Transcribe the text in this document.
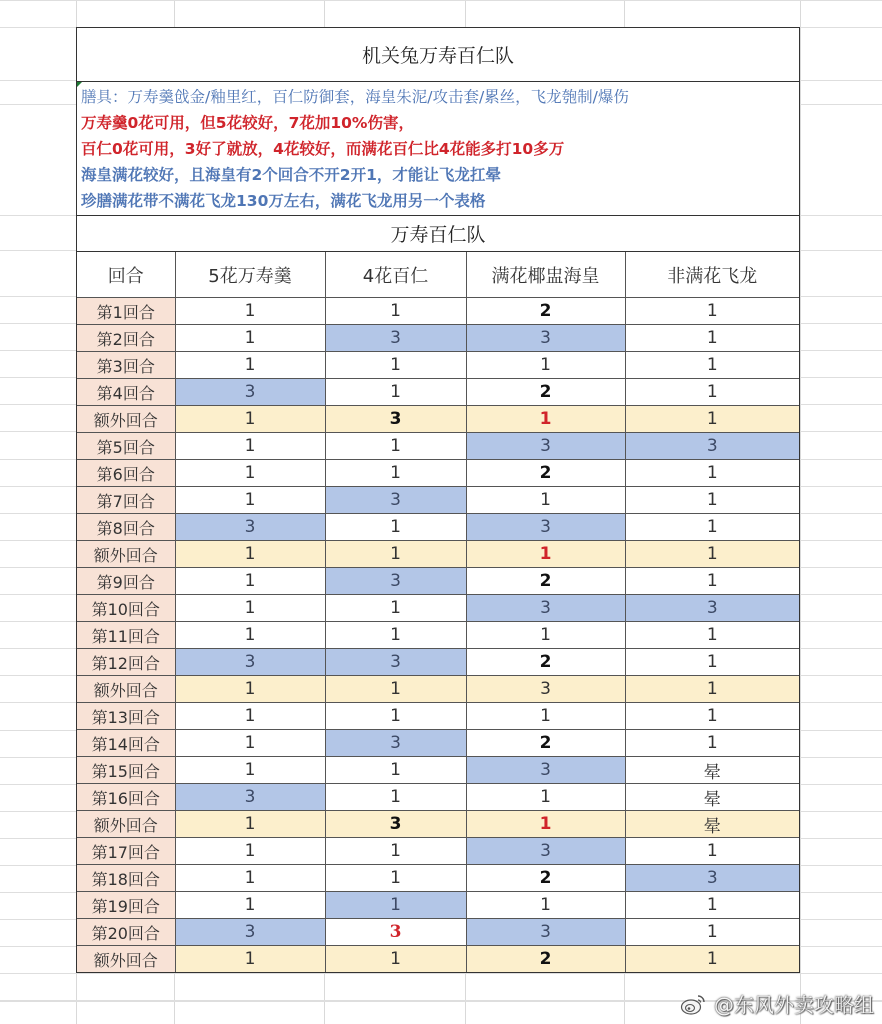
机关兔万寿百仁队
膳具：万寿羹戗金/釉里红，百仁防御套，海皇朱泥/攻击套/累丝，飞龙匏制/爆伤
万寿羹0花可用，但5花较好，7花加10%伤害，
百仁0花可用，3好了就放，4花较好，而满花百仁比4花能多打10多万
海皇满花较好，且海皇有2个回合不开2开1，才能让飞龙扛晕
珍膳满花带不满花飞龙130万左右，满花飞龙用另一个表格
万寿百仁队
回合	5花万寿羹	4花百仁	满花椰盅海皇	非满花飞龙
第1回合	1	1	2	1
第2回合	1	3	3	1
第3回合	1	1	1	1
第4回合	3	1	2	1
额外回合	1	3	1	1
第5回合	1	1	3	3
第6回合	1	1	2	1
第7回合	1	3	1	1
第8回合	3	1	3	1
额外回合	1	1	1	1
第9回合	1	3	2	1
第10回合	1	1	3	3
第11回合	1	1	1	1
第12回合	3	3	2	1
额外回合	1	1	3	1
第13回合	1	1	1	1
第14回合	1	3	2	1
第15回合	1	1	3	晕
第16回合	3	1	1	晕
额外回合	1	3	1	晕
第17回合	1	1	3	1
第18回合	1	1	2	3
第19回合	1	1	1	1
第20回合	3	3	3	1
额外回合	1	1	2	1
@东风外卖攻略组
